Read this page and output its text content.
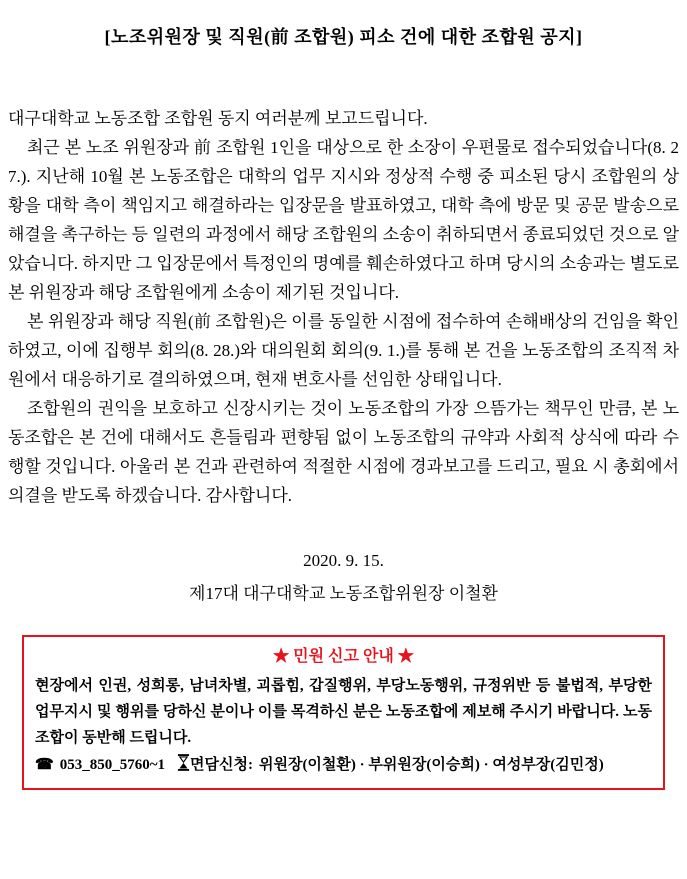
[노조위원장 및 직원(前 조합원) 피소 건에 대한 조합원 공지]

대구대학교 노동조합 조합원 동지 여러분께 보고드립니다.

최근 본 노조 위원장과 前 조합원 1인을 대상으로 한 소장이 우편물로 접수되었습니다(8. 27.). 지난해 10월 본 노동조합은 대학의 업무 지시와 정상적 수행 중 피소된 당시 조합원의 상황을 대학 측이 책임지고 해결하라는 입장문을 발표하였고, 대학 측에 방문 및 공문 발송으로 해결을 촉구하는 등 일련의 과정에서 해당 조합원의 소송이 취하되면서 종료되었던 것으로 알았습니다. 하지만 그 입장문에서 특정인의 명예를 훼손하였다고 하며 당시의 소송과는 별도로 본 위원장과 해당 조합원에게 소송이 제기된 것입니다.

본 위원장과 해당 직원(前 조합원)은 이를 동일한 시점에 접수하여 손해배상의 건임을 확인하였고, 이에 집행부 회의(8. 28.)와 대의원회 회의(9. 1.)를 통해 본 건을 노동조합의 조직적 차원에서 대응하기로 결의하였으며, 현재 변호사를 선임한 상태입니다.

조합원의 권익을 보호하고 신장시키는 것이 노동조합의 가장 으뜸가는 책무인 만큼, 본 노동조합은 본 건에 대해서도 흔들림과 편향됨 없이 노동조합의 규약과 사회적 상식에 따라 수행할 것입니다. 아울러 본 건과 관련하여 적절한 시점에 경과보고를 드리고, 필요 시 총회에서 의결을 받도록 하겠습니다. 감사합니다.

2020. 9. 15.
제17대 대구대학교 노동조합위원장 이철환
★ 민원 신고 안내 ★

현장에서 인권, 성희롱, 남녀차별, 괴롭힘, 갑질행위, 부당노동행위, 규정위반 등 불법적, 부당한 업무지시 및 행위를 당하신 분이나 이를 목격하신 분은 노동조합에 제보해 주시기 바랍니다. 노동조합이 동반해 드립니다.

☎ 053_850_5760~1 면담신청: 위원장(이철환) · 부위원장(이승희) · 여성부장(김민정)
